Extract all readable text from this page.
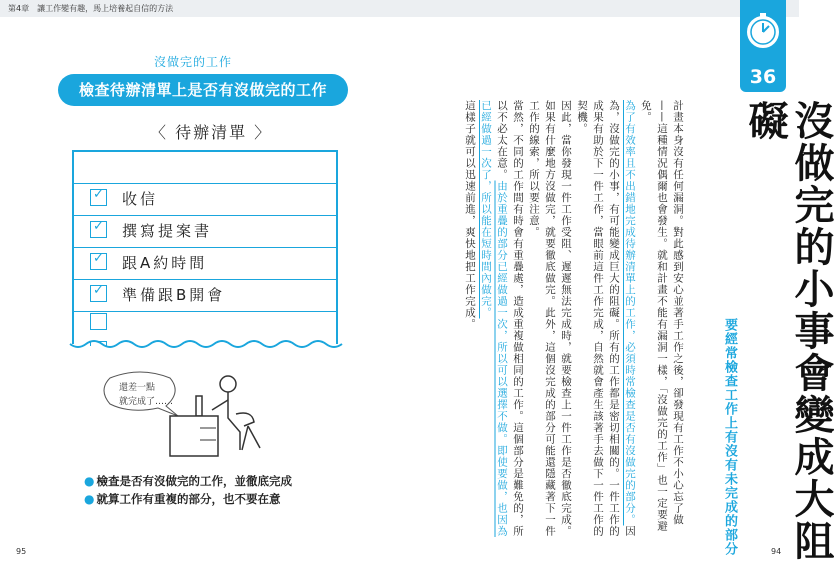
第4章　讓工作變有趣，馬上培養起自信的方法
沒做完的工作
檢查待辦清單上是否有沒做完的工作
〈 待辦清單 〉
✓ 收信
✓ 撰寫提案書
✓ 跟A約時間
✓ 準備跟B開會
還差一點
就完成了……
● 檢查是否有沒做完的工作，並徹底完成
● 就算工作有重複的部分，也不要在意
95
36
沒做完的小事會變成大阻礙
要經常檢查工作上有沒有未完成的部分

計畫本身沒有任何漏洞。對此感到安心並著手工作之後，卻發現有工作不小心忘了做——這種情況偶爾也會發生。就和計畫不能有漏洞一樣，「沒做完的工作」也一定要避免。

為了有效率且不出錯地完成待辦清單上的工作，必須時常檢查是否有沒做完的部分。因為，沒做完的小事，有可能變成巨大的阻礙。所有的工作都是密切相關的。一件工作的成果有助於下一件工作，當眼前這件工作完成，自然就會產生該著手去做下一件工作的契機。

因此，當你發現一件工作受阻、遲遲無法完成時，就要檢查上一件工作是否徹底完成。如果有什麼地方沒做完，就要徹底做完。此外，這個沒完成的部分可能還隱藏著下一件工作的線索，所以要注意。

當然，不同的工作間有時會有重疊處，造成重複做相同的工作。這個部分是難免的，所以不必太在意。由於重疊的部分已經做過一次，所以可以選擇不做。即使要做，也因為已經做過一次了，所以能在短時間內做完。

這樣子就可以迅速前進，爽快地把工作完成。

94
